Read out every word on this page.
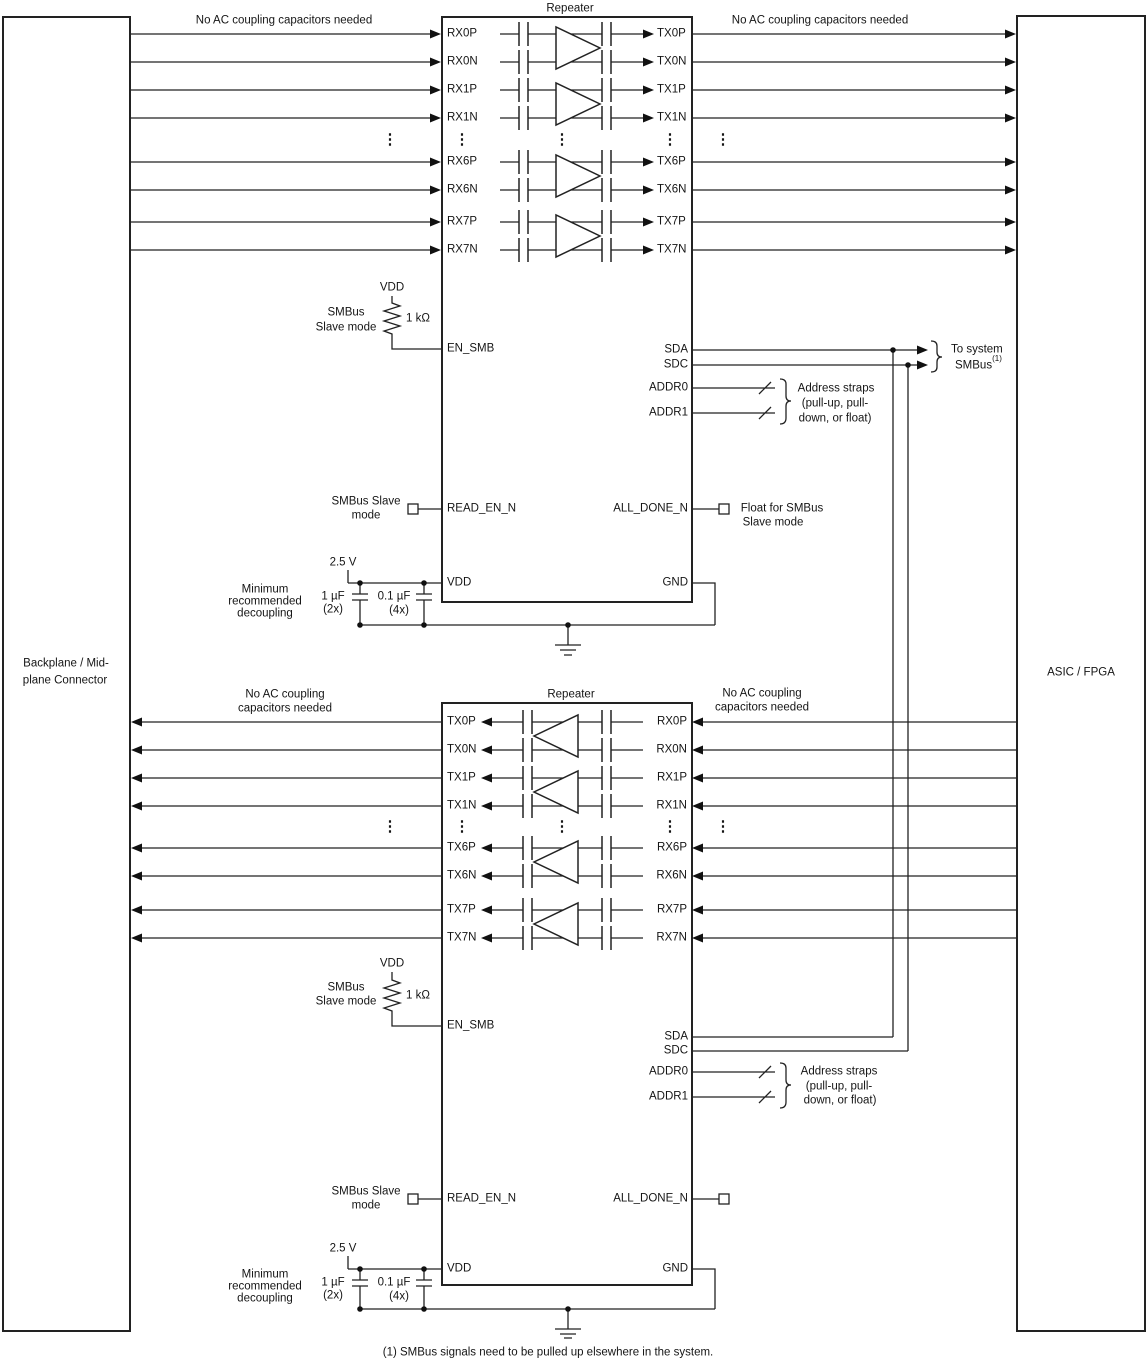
No AC coupling capacitors needed	No AC coupling capacitors needed
Repeater
Repeater
No AC coupling
capacitors needed
No AC coupling
capacitors needed
Backplane / Mid-
plane Connector
ASIC / FPGA
(1) SMBus signals need to be pulled up elsewhere in the system.
⋮	⋮	⋮	⋮	⋮
⋮	⋮	⋮	⋮	⋮
RX0P
RX0N
RX1P
RX1N
RX6P
RX6N
RX7P
RX7N
TX0P
TX0N
TX1P
TX1N
TX6P
TX6N
TX7P
TX7N
EN_SMB
READ_EN_N
VDD	GND
SDA
SDC
ADDR0
ADDR1
ALL_DONE_N
VDD
1 kΩ
SMBus
Slave mode
SMBus Slave
mode
To system
SMBus$^{(1)}$
Address straps
(pull-up, pull-
down, or float)
Float for SMBus
Slave mode
2.5 V
1 µF
(2x)
0.1 µF
(4x)
Minimum
recommended
decoupling
TX0P
TX0N
TX1P
TX1N
TX6P
TX6N
TX7P
TX7N
RX0P
RX0N
RX1P
RX1N
RX6P
RX6N
RX7P
RX7N
EN_SMB
READ_EN_N
VDD	GND
SDA
SDC
ADDR0
ADDR1
ALL_DONE_N
VDD
1 kΩ
SMBus
Slave mode
SMBus Slave
mode
Address straps
(pull-up, pull-
down, or float)
2.5 V
1 µF
(2x)
0.1 µF
(4x)
Minimum
recommended
decoupling
